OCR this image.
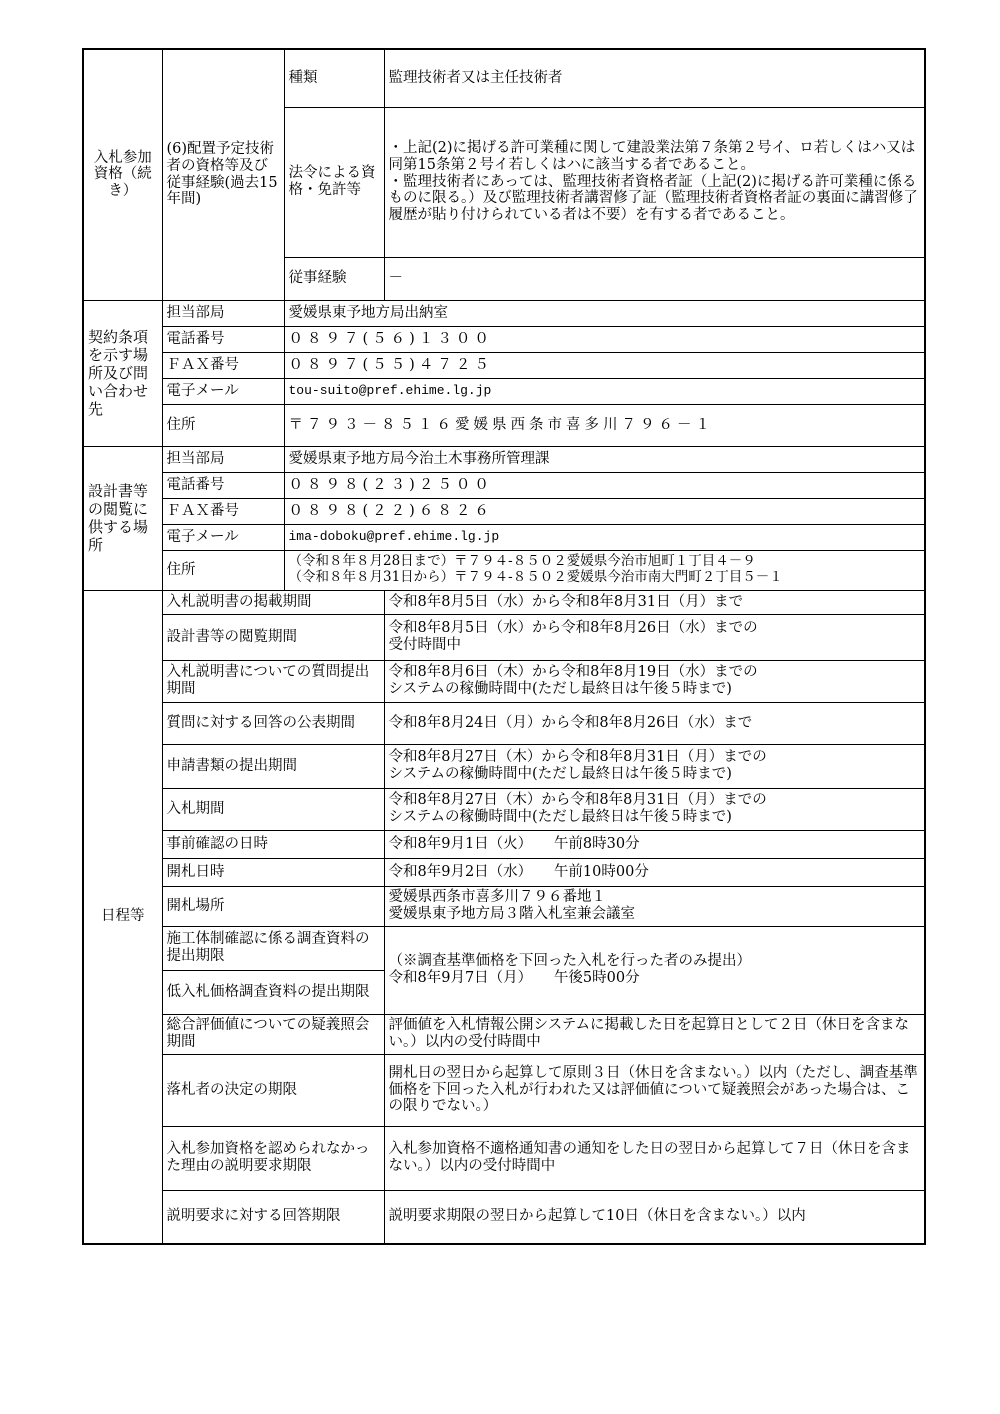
入札参加資格（続き）	(6)配置予定技術者の資格等及び従事経験(過去15年間)	種類	監理技術者又は主任技術者
		法令による資格・免許等	・上記(2)に掲げる許可業種に関して建設業法第７条第２号イ、ロ若しくはハ又は同第15条第２号イ若しくはハに該当する者であること。
・監理技術者にあっては、監理技術者資格者証（上記(2)に掲げる許可業種に係るものに限る。）及び監理技術者講習修了証（監理技術者資格者証の裏面に講習修了履歴が貼り付けられている者は不要）を有する者であること。
		従事経験	－
契約条項を示す場所及び問い合わせ先	担当部局	愛媛県東予地方局出納室	
	電話番号	０８９７(５６)１３００	
	ＦＡＸ番号	０８９７(５５)４７２５	
	電子メール	tou-suito@pref.ehime.lg.jp	
	住所	〒７９３－８５１６愛媛県西条市喜多川７９６－１	
設計書等の閲覧に供する場所	担当部局	愛媛県東予地方局今治土木事務所管理課	
	電話番号	０８９８(２３)２５００	
	ＦＡＸ番号	０８９８(２２)６８２６	
	電子メール	ima-doboku@pref.ehime.lg.jp	
	住所	（令和８年８月28日まで）〒７９４-８５０２愛媛県今治市旭町１丁目４－９
（令和８年８月31日から）〒７９４-８５０２愛媛県今治市南大門町２丁目５－１	
日程等	入札説明書の掲載期間		令和8年8月5日（水）から令和8年8月31日（月）まで
	設計書等の閲覧期間		令和8年8月5日（水）から令和8年8月26日（水）までの
受付時間中
	入札説明書についての質問提出期間		令和8年8月6日（木）から令和8年8月19日（水）までの
システムの稼働時間中(ただし最終日は午後５時まで)
	質問に対する回答の公表期間		令和8年8月24日（月）から令和8年8月26日（水）まで
	申請書類の提出期間		令和8年8月27日（木）から令和8年8月31日（月）までの
システムの稼働時間中(ただし最終日は午後５時まで)
	入札期間		令和8年8月27日（木）から令和8年8月31日（月）までの
システムの稼働時間中(ただし最終日は午後５時まで)
	事前確認の日時		令和8年9月1日（火）　　午前8時30分
	開札日時		令和8年9月2日（水）　　午前10時00分
	開札場所		愛媛県西条市喜多川７９６番地１
愛媛県東予地方局３階入札室兼会議室
	施工体制確認に係る調査資料の提出期限		（※調査基準価格を下回った入札を行った者のみ提出）
令和8年9月7日（月）　　午後5時00分
	低入札価格調査資料の提出期限		
	総合評価値についての疑義照会期間		評価値を入札情報公開システムに掲載した日を起算日として２日（休日を含まない。）以内の受付時間中
	落札者の決定の期限		開札日の翌日から起算して原則３日（休日を含まない。）以内（ただし、調査基準価格を下回った入札が行われた又は評価値について疑義照会があった場合は、この限りでない。）
	入札参加資格を認められなかった理由の説明要求期限		入札参加資格不適格通知書の通知をした日の翌日から起算して７日（休日を含まない。）以内の受付時間中
	説明要求に対する回答期限		説明要求期限の翌日から起算して10日（休日を含まない。）以内
